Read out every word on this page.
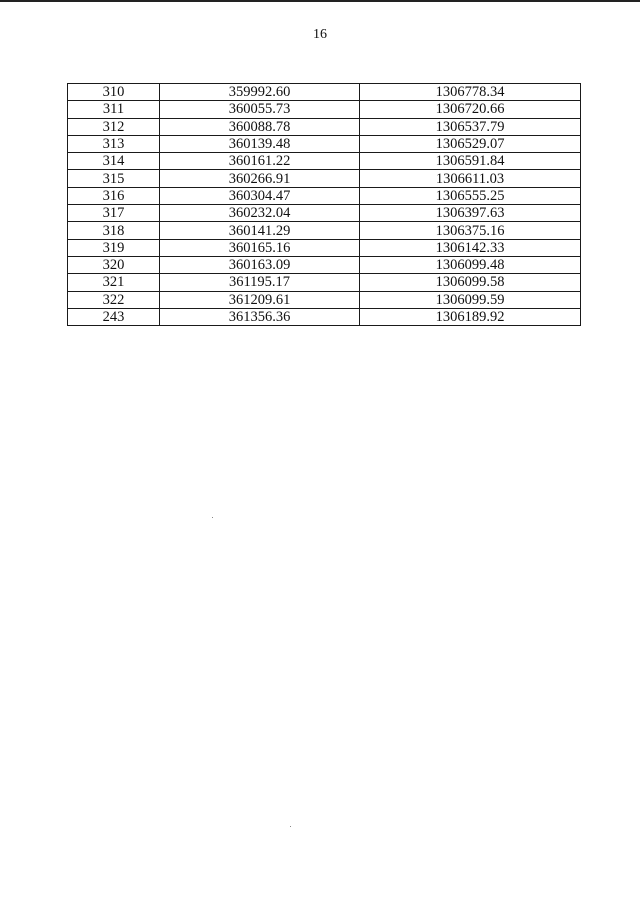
16
310	359992.60	1306778.34
311	360055.73	1306720.66
312	360088.78	1306537.79
313	360139.48	1306529.07
314	360161.22	1306591.84
315	360266.91	1306611.03
316	360304.47	1306555.25
317	360232.04	1306397.63
318	360141.29	1306375.16
319	360165.16	1306142.33
320	360163.09	1306099.48
321	361195.17	1306099.58
322	361209.61	1306099.59
243	361356.36	1306189.92
